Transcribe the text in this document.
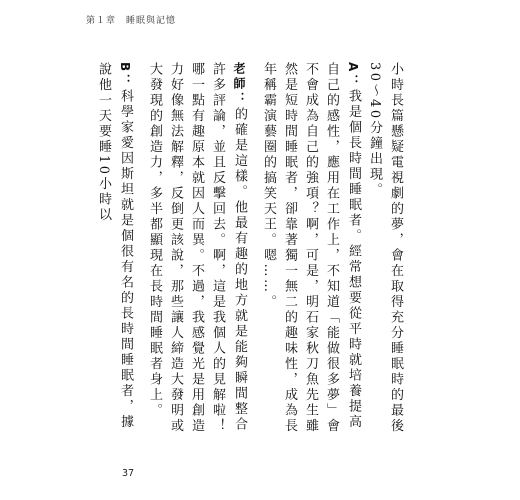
第１章　睡眠與記憶

小時長篇懸疑電視劇的夢，會在取得充分睡眠時的最後30～40分鐘出現。

A：我是個長時間睡眠者。經常想要從平時就培養提高自己的感性，應用在工作上，不知道「能做很多夢」會不會成為自己的強項？啊，可是，明石家秋刀魚先生雖然是短時間睡眠者，卻靠著獨一無二的趣味性，成為長年稱霸演藝圈的搞笑天王。嗯……。

老師：的確是這樣。他最有趣的地方就是能夠瞬間整合許多評論，並且反擊回去。啊，這是我個人的見解啦！哪一點有趣原本就因人而異。不過，我感覺光是用創造力好像無法解釋，反倒更該說，那些讓人締造大發明或大發現的創造力，多半都顯現在長時間睡眠者身上。

B：科學家愛因斯坦就是個很有名的長時間睡眠者，據說他一天要睡10小時以

37
